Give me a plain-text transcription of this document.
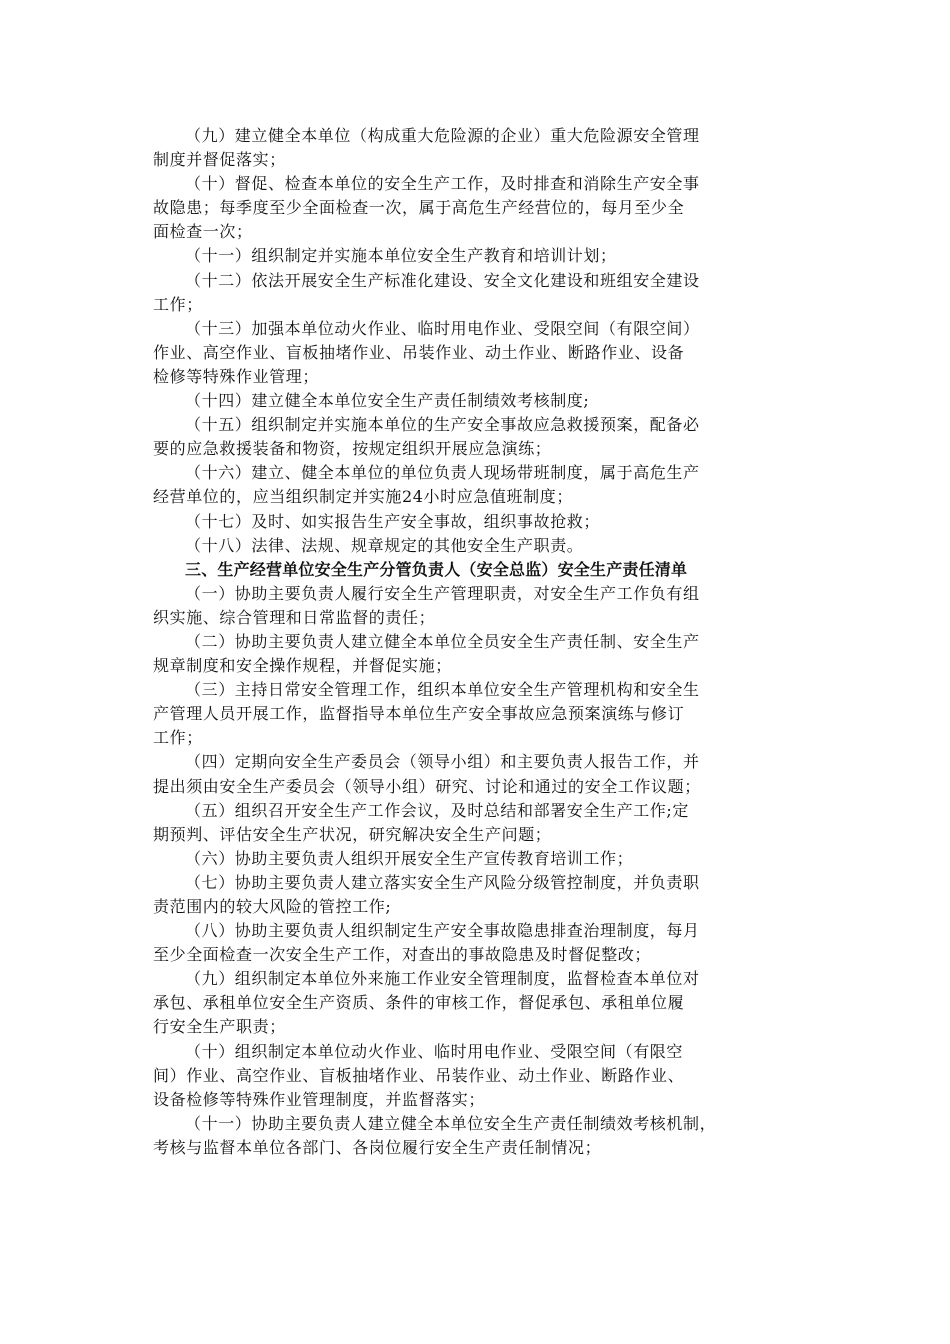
（九）建立健全本单位（构成重大危险源的企业）重大危险源安全管理
制度并督促落实；

（十）督促、检查本单位的安全生产工作，及时排查和消除生产安全事
故隐患；每季度至少全面检查一次，属于高危生产经营位的，每月至少全
面检查一次；

（十一）组织制定并实施本单位安全生产教育和培训计划；

（十二）依法开展安全生产标准化建设、安全文化建设和班组安全建设
工作；

（十三）加强本单位动火作业、临时用电作业、受限空间（有限空间）
作业、高空作业、盲板抽堵作业、吊装作业、动土作业、断路作业、设备
检修等特殊作业管理；

（十四）建立健全本单位安全生产责任制绩效考核制度;

（十五）组织制定并实施本单位的生产安全事故应急救援预案，配备必
要的应急救援装备和物资，按规定组织开展应急演练；

（十六）建立、健全本单位的单位负责人现场带班制度，属于高危生产
经营单位的，应当组织制定并实施24小时应急值班制度；

（十七）及时、如实报告生产安全事故，组织事故抢救；

（十八）法律、法规、规章规定的其他安全生产职责。

三、生产经营单位安全生产分管负责人（安全总监）安全生产责任清单

（一）协助主要负责人履行安全生产管理职责，对安全生产工作负有组
织实施、综合管理和日常监督的责任；

（二）协助主要负责人建立健全本单位全员安全生产责任制、安全生产
规章制度和安全操作规程，并督促实施；

（三）主持日常安全管理工作，组织本单位安全生产管理机构和安全生
产管理人员开展工作，监督指导本单位生产安全事故应急预案演练与修订
工作；

（四）定期向安全生产委员会（领导小组）和主要负责人报告工作，并
提出须由安全生产委员会（领导小组）研究、讨论和通过的安全工作议题；

（五）组织召开安全生产工作会议，及时总结和部署安全生产工作;定
期预判、评估安全生产状况，研究解决安全生产问题；

（六）协助主要负责人组织开展安全生产宣传教育培训工作；

（七）协助主要负责人建立落实安全生产风险分级管控制度，并负责职
责范围内的较大风险的管控工作;

（八）协助主要负责人组织制定生产安全事故隐患排查治理制度，每月
至少全面检查一次安全生产工作，对查出的事故隐患及时督促整改；

（九）组织制定本单位外来施工作业安全管理制度，监督检查本单位对
承包、承租单位安全生产资质、条件的审核工作，督促承包、承租单位履
行安全生产职责；

（十）组织制定本单位动火作业、临时用电作业、受限空间（有限空
间）作业、高空作业、盲板抽堵作业、吊装作业、动土作业、断路作业、
设备检修等特殊作业管理制度，并监督落实；

（十一）协助主要负责人建立健全本单位安全生产责任制绩效考核机制，
考核与监督本单位各部门、各岗位履行安全生产责任制情况；
